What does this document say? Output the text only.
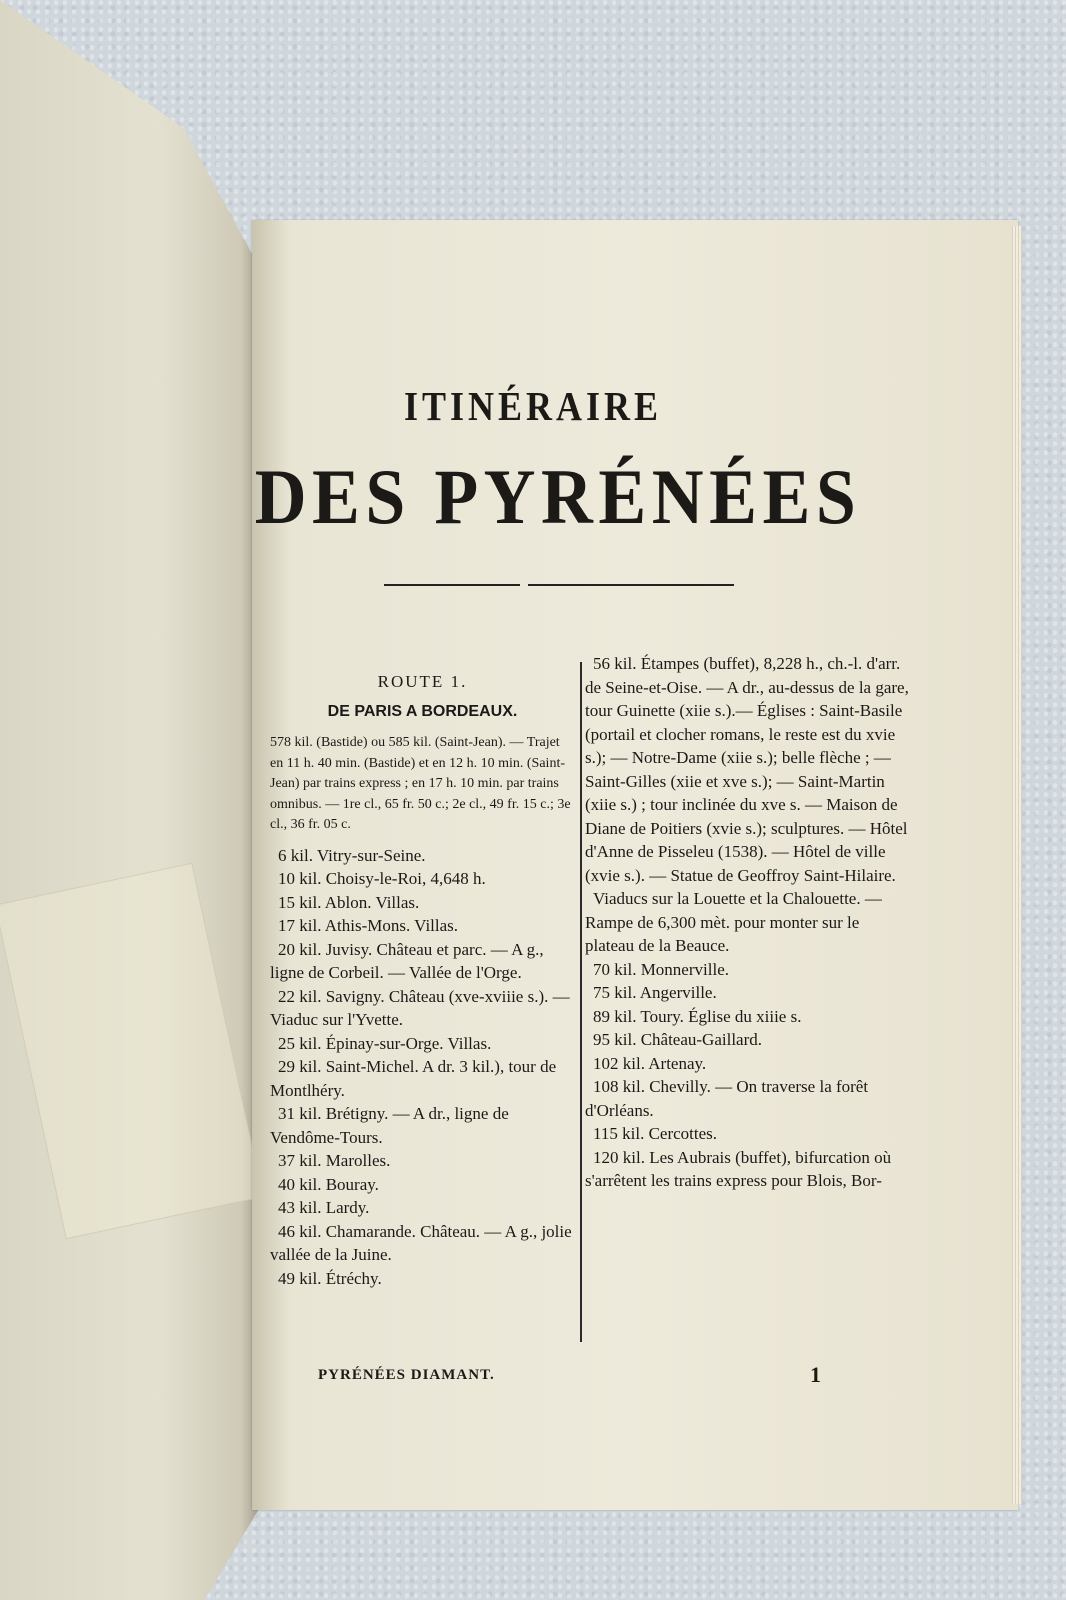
ITINÉRAIRE
DES PYRÉNÉES

ROUTE 1.

DE PARIS A BORDEAUX.

578 kil. (Bastide) ou 585 kil. (Saint-Jean). — Trajet en 11 h. 40 min. (Bastide) et en 12 h. 10 min. (Saint-Jean) par trains express ; en 17 h. 10 min. par trains omnibus. — 1re cl., 65 fr. 50 c.; 2e cl., 49 fr. 15 c.; 3e cl., 36 fr. 05 c.

6 kil. Vitry-sur-Seine.

10 kil. Choisy-le-Roi, 4,648 h.

15 kil. Ablon. Villas.

17 kil. Athis-Mons. Villas.

20 kil. Juvisy. Château et parc. — A g., ligne de Corbeil. — Vallée de l'Orge.

22 kil. Savigny. Château (xve-xviiie s.). — Viaduc sur l'Yvette.

25 kil. Épinay-sur-Orge. Villas.

29 kil. Saint-Michel. A dr. 3 kil.), tour de Montlhéry.

31 kil. Brétigny. — A dr., ligne de Vendôme-Tours.

37 kil. Marolles.

40 kil. Bouray.

43 kil. Lardy.

46 kil. Chamarande. Château. — A g., jolie vallée de la Juine.

49 kil. Étréchy.

56 kil. Étampes (buffet), 8,228 h., ch.-l. d'arr. de Seine-et-Oise. — A dr., au-dessus de la gare, tour Guinette (xiie s.).— Églises : Saint-Basile (portail et clocher romans, le reste est du xvie s.); — Notre-Dame (xiie s.); belle flèche ; — Saint-Gilles (xiie et xve s.); — Saint-Martin (xiie s.) ; tour inclinée du xve s. — Maison de Diane de Poitiers (xvie s.); sculptures. — Hôtel d'Anne de Pisseleu (1538). — Hôtel de ville (xvie s.). — Statue de Geoffroy Saint-Hilaire.

Viaducs sur la Louette et la Chalouette. — Rampe de 6,300 mèt. pour monter sur le plateau de la Beauce.

70 kil. Monnerville.

75 kil. Angerville.

89 kil. Toury. Église du xiiie s.

95 kil. Château-Gaillard.

102 kil. Artenay.

108 kil. Chevilly. — On traverse la forêt d'Orléans.

115 kil. Cercottes.

120 kil. Les Aubrais (buffet), bifurcation où s'arrêtent les trains express pour Blois, Bor-

PYRÉNÉES DIAMANT.	1
